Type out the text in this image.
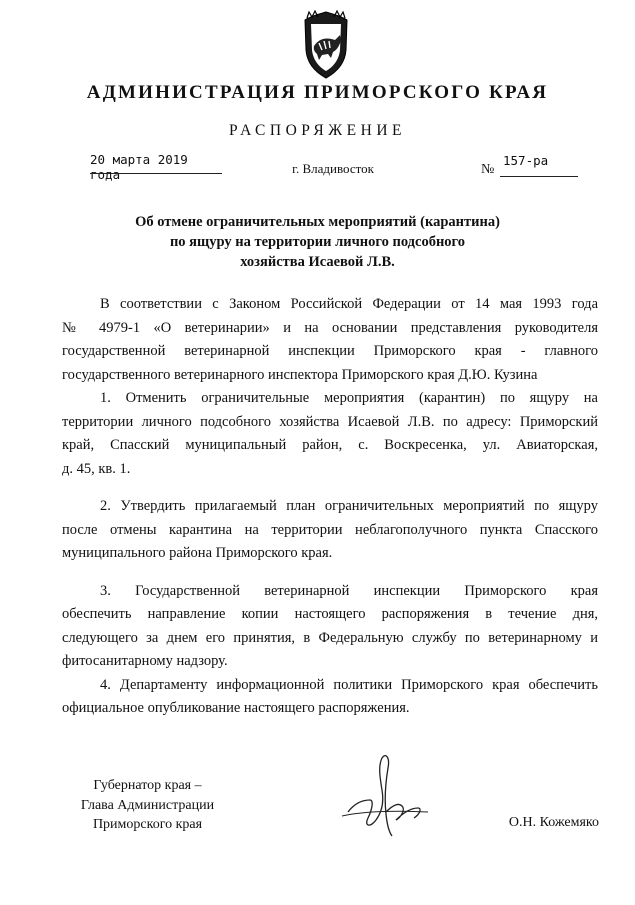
АДМИНИСТРАЦИЯ ПРИМОРСКОГО КРАЯ
РАСПОРЯЖЕНИЕ
20 марта 2019 года	г. Владивосток	№
157-ра
Об отмене ограничительных мероприятий (карантина)
по ящуру на территории личного подсобного
хозяйства Исаевой Л.В.
В соответствии с Законом Российской Федерации от 14 мая 1993 года
№ 4979-1 «О ветеринарии» и на основании представления руководителя
государственной ветеринарной инспекции Приморского края - главного
государственного ветеринарного инспектора Приморского края Д.Ю. Кузина
1. Отменить ограничительные мероприятия (карантин) по ящуру на
территории личного подсобного хозяйства Исаевой Л.В. по адресу: Приморский
край, Спасский муниципальный район, с. Воскресенка, ул. Авиаторская,
д. 45, кв. 1.
2. Утвердить прилагаемый план ограничительных мероприятий по ящуру
после отмены карантина на территории неблагополучного пункта Спасского
муниципального района Приморского края.
3. Государственной ветеринарной инспекции Приморского края
обеспечить направление копии настоящего распоряжения в течение дня,
следующего за днем его принятия, в Федеральную службу по ветеринарному и
фитосанитарному надзору.
4. Департаменту информационной политики Приморского края обеспечить
официальное опубликование настоящего распоряжения.
Губернатор края –
Глава Администрации
Приморского края	О.Н. Кожемяко
